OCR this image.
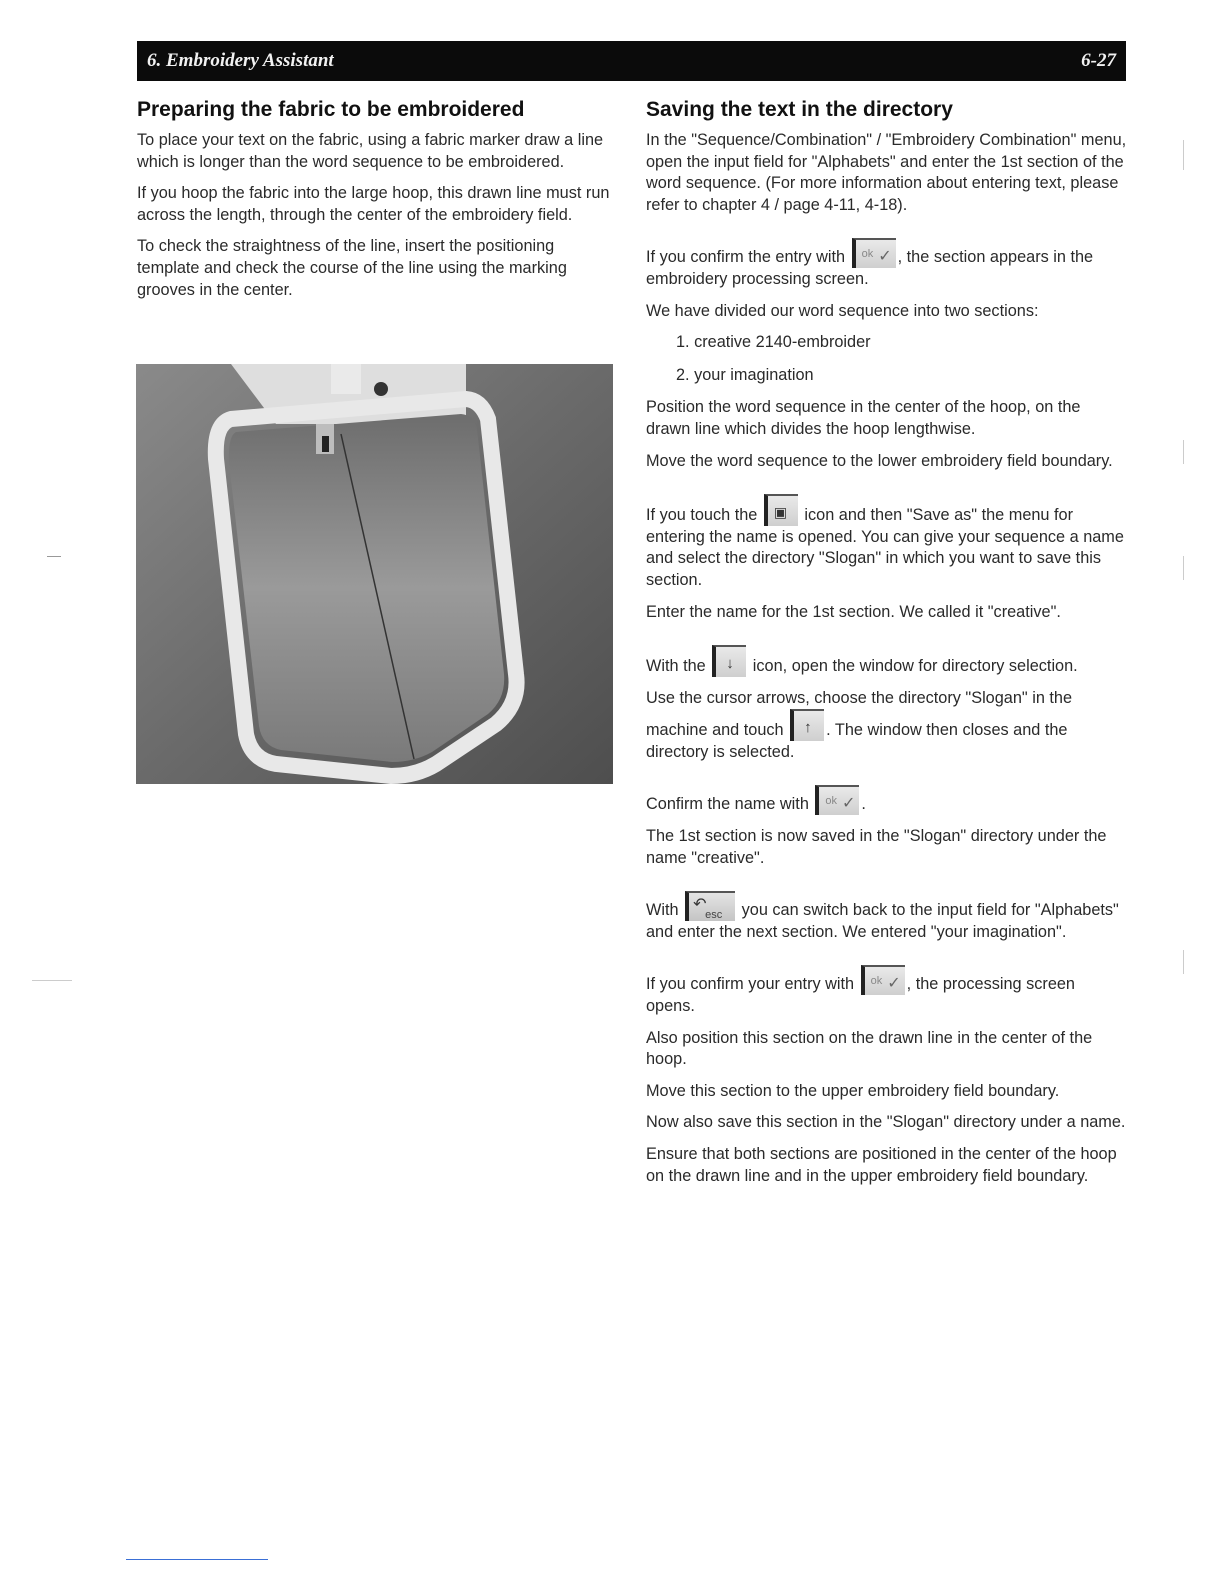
6. Embroidery Assistant	6-27
Preparing the fabric to be embroidered

To place your text on the fabric, using a fabric marker draw a line which is longer than the word sequence to be embroidered.

If you hoop the fabric into the large hoop, this drawn line must run across the length, through the center of the embroidery field.

To check the straightness of the line, insert the positioning template and check the course of the line using the marking grooves in the center.

Saving the text in the directory

In the "Sequence/Combination" / "Embroidery Combination" menu, open the input field for "Alphabets" and enter the 1st section of the word sequence. (For more information about entering text, please refer to chapter 4 / page 4-11, 4-18).

If you confirm the entry with ok ✓ , the section appears in the embroidery processing screen.

We have divided our word sequence into two sections:

1. creative 2140-embroider

2. your imagination

Position the word sequence in the center of the hoop, on the drawn line which divides the hoop lengthwise.

Move the word sequence to the lower embroidery field boundary.

If you touch the ▣ icon and then "Save as" the menu for entering the name is opened. You can give your sequence a name and select the directory "Slogan" in which you want to save this section.

Enter the name for the 1st section. We called it "creative".

With the ↓ icon, open the window for directory selection.

Use the cursor arrows, choose the directory "Slogan" in the machine and touch ↑ . The window then closes and the directory is selected.

Confirm the name with ok ✓ .

The 1st section is now saved in the "Slogan" directory under the name "creative".

With ↶
esc you can switch back to the input field for "Alphabets" and enter the next section. We entered "your imagination".

If you confirm your entry with ok ✓ , the processing screen opens.

Also position this section on the drawn line in the center of the hoop.

Move this section to the upper embroidery field boundary.

Now also save this section in the "Slogan" directory under a name.

Ensure that both sections are positioned in the center of the hoop on the drawn line and in the upper embroidery field boundary.
